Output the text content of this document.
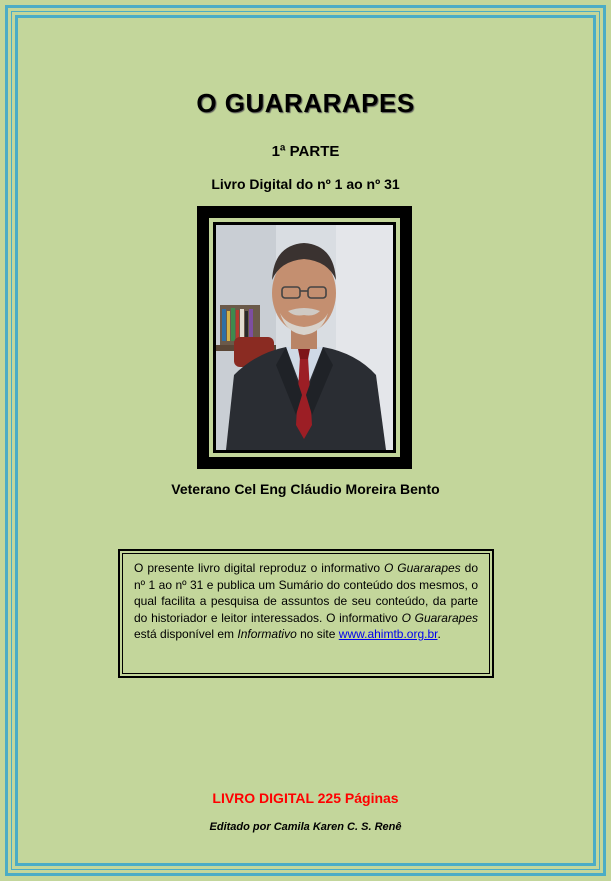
O GUARARAPES
1ª PARTE
Livro Digital do nº 1 ao nº 31
Veterano Cel Eng Cláudio Moreira Bento
O presente livro digital reproduz o informativo O Guararapes do nº 1 ao nº 31 e publica um Sumário do conteúdo dos mesmos, o qual facilita a pesquisa de assuntos de seu conteúdo, da parte do historiador e leitor interessados. O informativo O Guararapes está disponível em Informativo no site www.ahimtb.org.br.
LIVRO DIGITAL 225 Páginas
Editado por Camila Karen C. S. Renê
